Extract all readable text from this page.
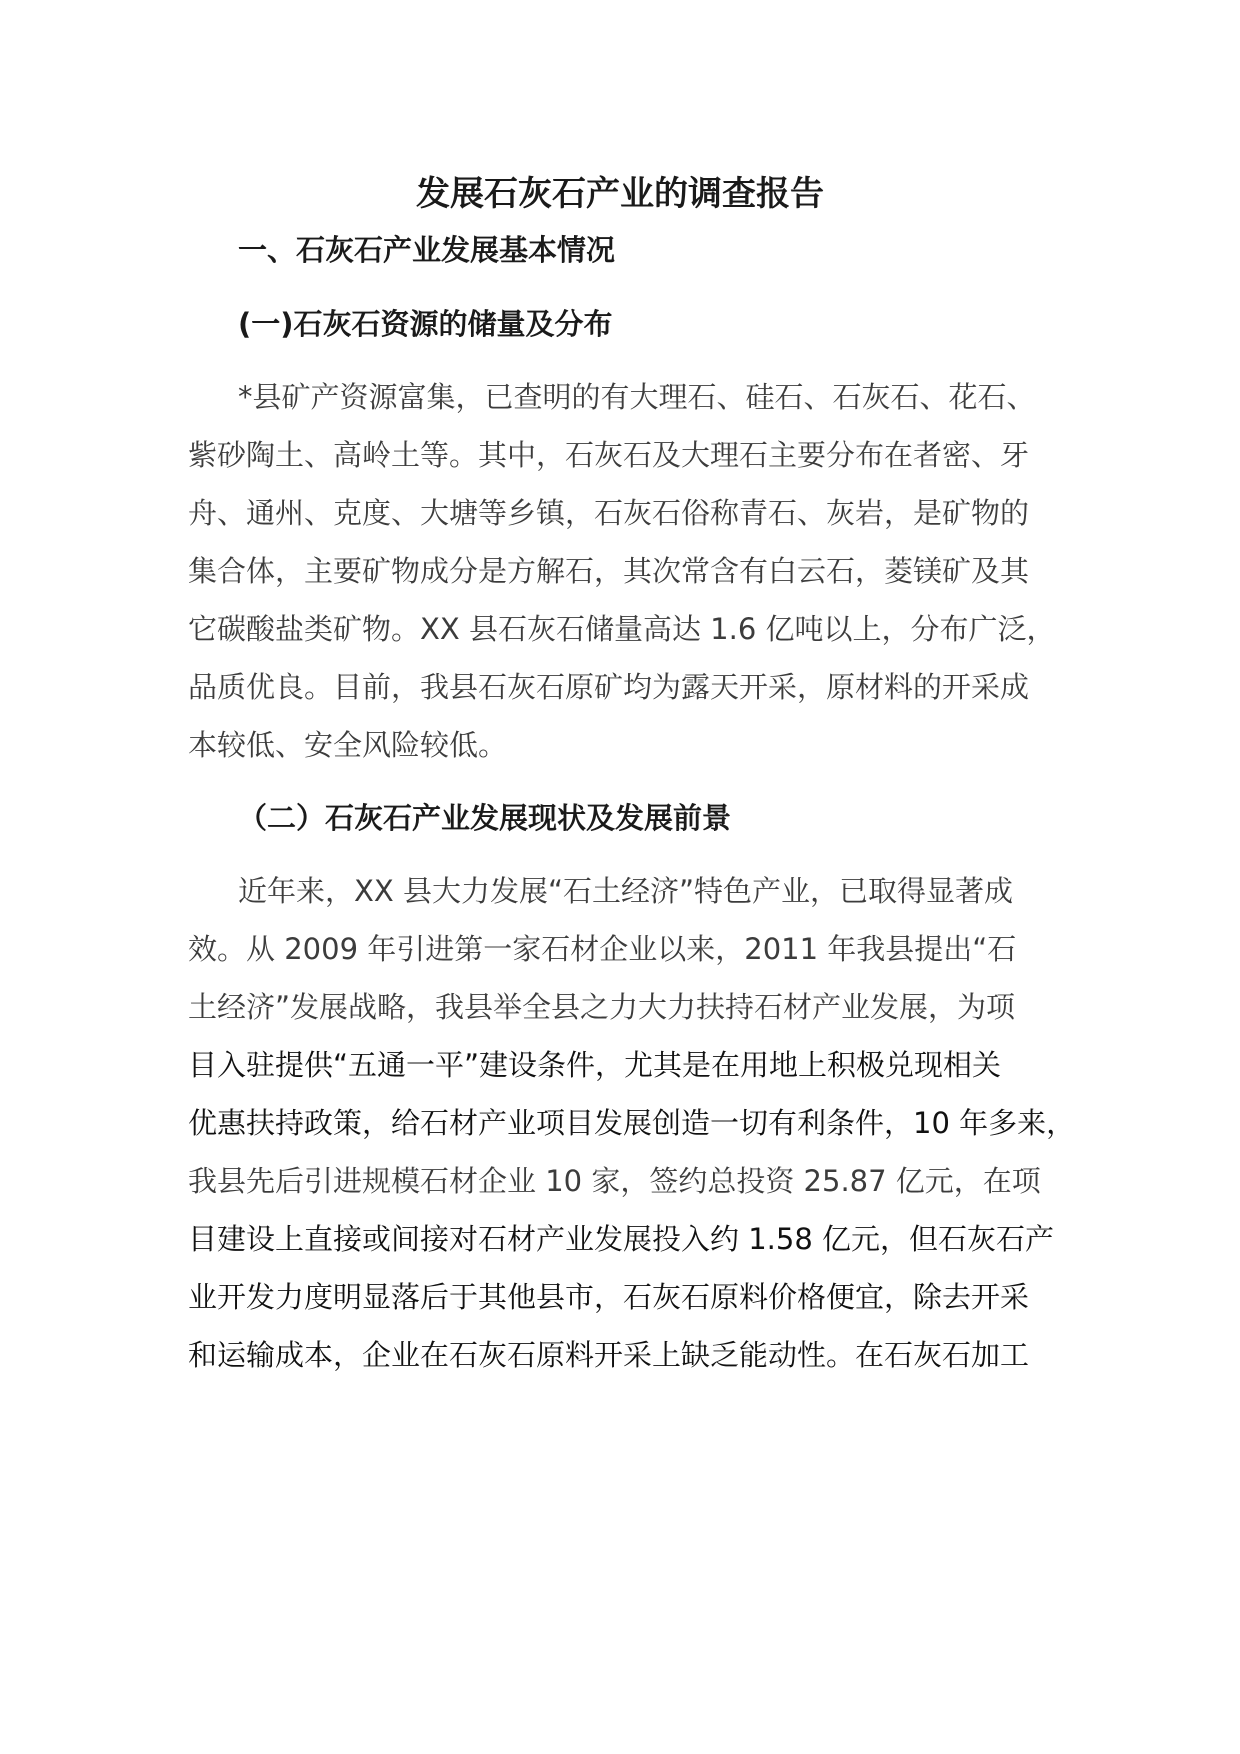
发展石灰石产业的调查报告
一、石灰石产业发展基本情况
(一)石灰石资源的储量及分布
*县矿产资源富集，已查明的有大理石、硅石、石灰石、花石、
紫砂陶土、高岭土等。其中，石灰石及大理石主要分布在者密、牙
舟、通州、克度、大塘等乡镇，石灰石俗称青石、灰岩，是矿物的
集合体，主要矿物成分是方解石，其次常含有白云石，菱镁矿及其
它碳酸盐类矿物。XX 县石灰石储量高达 1.6 亿吨以上，分布广泛，
品质优良。目前，我县石灰石原矿均为露天开采，原材料的开采成
本较低、安全风险较低。
（二）石灰石产业发展现状及发展前景
近年来，XX 县大力发展“石土经济”特色产业，已取得显著成
效。从 2009 年引进第一家石材企业以来，2011 年我县提出“石
土经济”发展战略，我县举全县之力大力扶持石材产业发展，为项
目入驻提供“五通一平”建设条件，尤其是在用地上积极兑现相关
优惠扶持政策，给石材产业项目发展创造一切有利条件，10 年多来，
我县先后引进规模石材企业 10 家，签约总投资 25.87 亿元，在项
目建设上直接或间接对石材产业发展投入约 1.58 亿元，但石灰石产
业开发力度明显落后于其他县市，石灰石原料价格便宜，除去开采
和运输成本，企业在石灰石原料开采上缺乏能动性。在石灰石加工
